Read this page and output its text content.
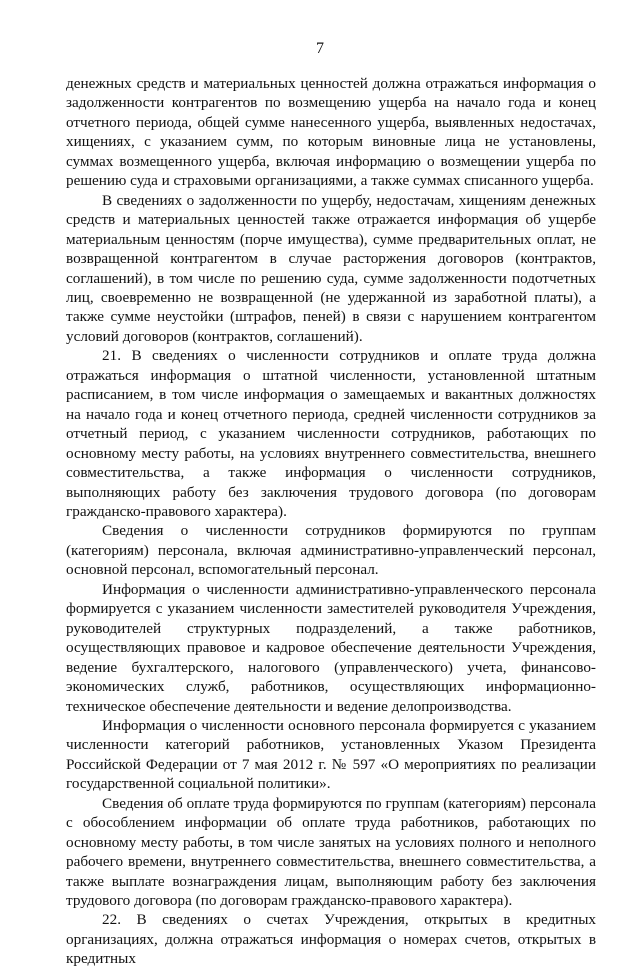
7

денежных средств и материальных ценностей должна отражаться информация о задолженности контрагентов по возмещению ущерба на начало года и конец отчетного периода, общей сумме нанесенного ущерба, выявленных недостачах, хищениях, с указанием сумм, по которым виновные лица не установлены, суммах возмещенного ущерба, включая информацию о возмещении ущерба по решению суда и страховыми организациями, а также суммах списанного ущерба.

В сведениях о задолженности по ущербу, недостачам, хищениям денежных средств и материальных ценностей также отражается информация об ущербе материальным ценностям (порче имущества), сумме предварительных оплат, не возвращенной контрагентом в случае расторжения договоров (контрактов, соглашений), в том числе по решению суда, сумме задолженности подотчетных лиц, своевременно не возвращенной (не удержанной из заработной платы), а также сумме неустойки (штрафов, пеней) в связи с нарушением контрагентом условий договоров (контрактов, соглашений).

21. В сведениях о численности сотрудников и оплате труда должна отражаться информация о штатной численности, установленной штатным расписанием, в том числе информация о замещаемых и вакантных должностях на начало года и конец отчетного периода, средней численности сотрудников за отчетный период, с указанием численности сотрудников, работающих по основному месту работы, на условиях внутреннего совместительства, внешнего совместительства, а также информация о численности сотрудников, выполняющих работу без заключения трудового договора (по договорам гражданско-правового характера).

Сведения о численности сотрудников формируются по группам (категориям) персонала, включая административно-управленческий персонал, основной персонал, вспомогательный персонал.

Информация о численности административно-управленческого персонала формируется с указанием численности заместителей руководителя Учреждения, руководителей структурных подразделений, а также работников, осуществляющих правовое и кадровое обеспечение деятельности Учреждения, ведение бухгалтерского, налогового (управленческого) учета, финансово-экономических служб, работников, осуществляющих информационно-техническое обеспечение деятельности и ведение делопроизводства.

Информация о численности основного персонала формируется с указанием численности категорий работников, установленных Указом Президента Российской Федерации от 7 мая 2012 г. № 597 «О мероприятиях по реализации государственной социальной политики».

Сведения об оплате труда формируются по группам (категориям) персонала с обособлением информации об оплате труда работников, работающих по основному месту работы, в том числе занятых на условиях полного и неполного рабочего времени, внутреннего совместительства, внешнего совместительства, а также выплате вознаграждения лицам, выполняющим работу без заключения трудового договора (по договорам гражданско-правового характера).

22. В сведениях о счетах Учреждения, открытых в кредитных организациях, должна отражаться информация о номерах счетов, открытых в кредитных
